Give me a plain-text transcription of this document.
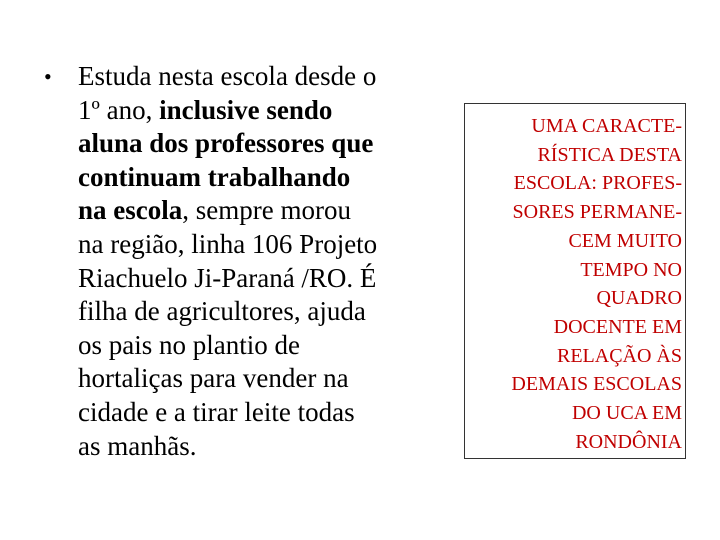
• Estuda nesta escola desde o
1º ano, inclusive sendo
aluna dos professores que
continuam trabalhando
na escola, sempre morou
na região, linha 106 Projeto
Riachuelo Ji-Paraná /RO. É
filha de agricultores, ajuda
os pais no plantio de
hortaliças para vender na
cidade e a tirar leite todas
as manhãs.
UMA CARACTE-
RÍSTICA DESTA
ESCOLA: PROFES-
SORES PERMANE-
CEM MUITO
TEMPO NO
QUADRO
DOCENTE EM
RELAÇÃO ÀS
DEMAIS ESCOLAS
DO UCA EM
RONDÔNIA
